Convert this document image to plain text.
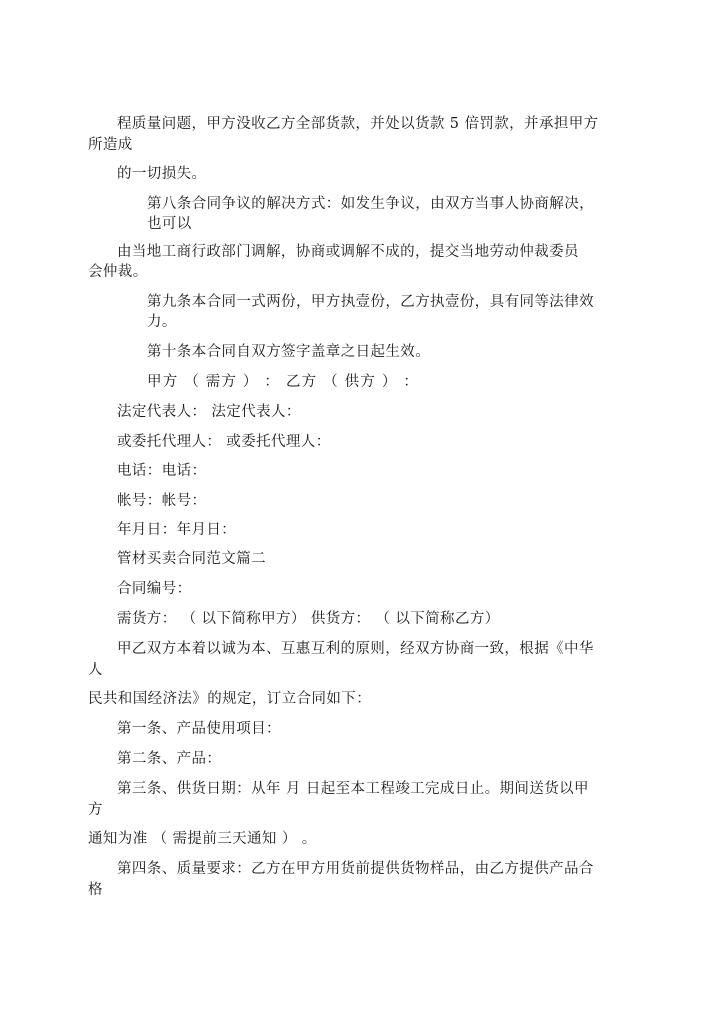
程质量问题，甲方没收乙方全部货款，并处以货款 5 倍罚款，并承担甲方
所造成
的一切损失。
第八条合同争议的解决方式：如发生争议，由双方当事人协商解决，
也可以
由当地工商行政部门调解，协商或调解不成的，提交当地劳动仲裁委员
会仲裁。
第九条本合同一式两份，甲方执壹份，乙方执壹份，具有同等法律效
力。
第十条本合同自双方签字盖章之日起生效。
甲方 （ 需方 ） ： 乙方 （ 供方 ） ：
法定代表人： 法定代表人：
或委托代理人： 或委托代理人：
电话：电话：
帐号：帐号：
年月日：年月日：
管材买卖合同范文篇二
合同编号：
需货方： （ 以下简称甲方） 供货方： （ 以下简称乙方）
甲乙双方本着以诚为本、互惠互利的原则，经双方协商一致，根据《中华
人
民共和国经济法》的规定，订立合同如下：
第一条、产品使用项目：
第二条、产品：
第三条、供货日期：从年 月 日起至本工程竣工完成日止。期间送货以甲
方
通知为准 （ 需提前三天通知 ） 。
第四条、质量要求：乙方在甲方用货前提供货物样品，由乙方提供产品合
格
